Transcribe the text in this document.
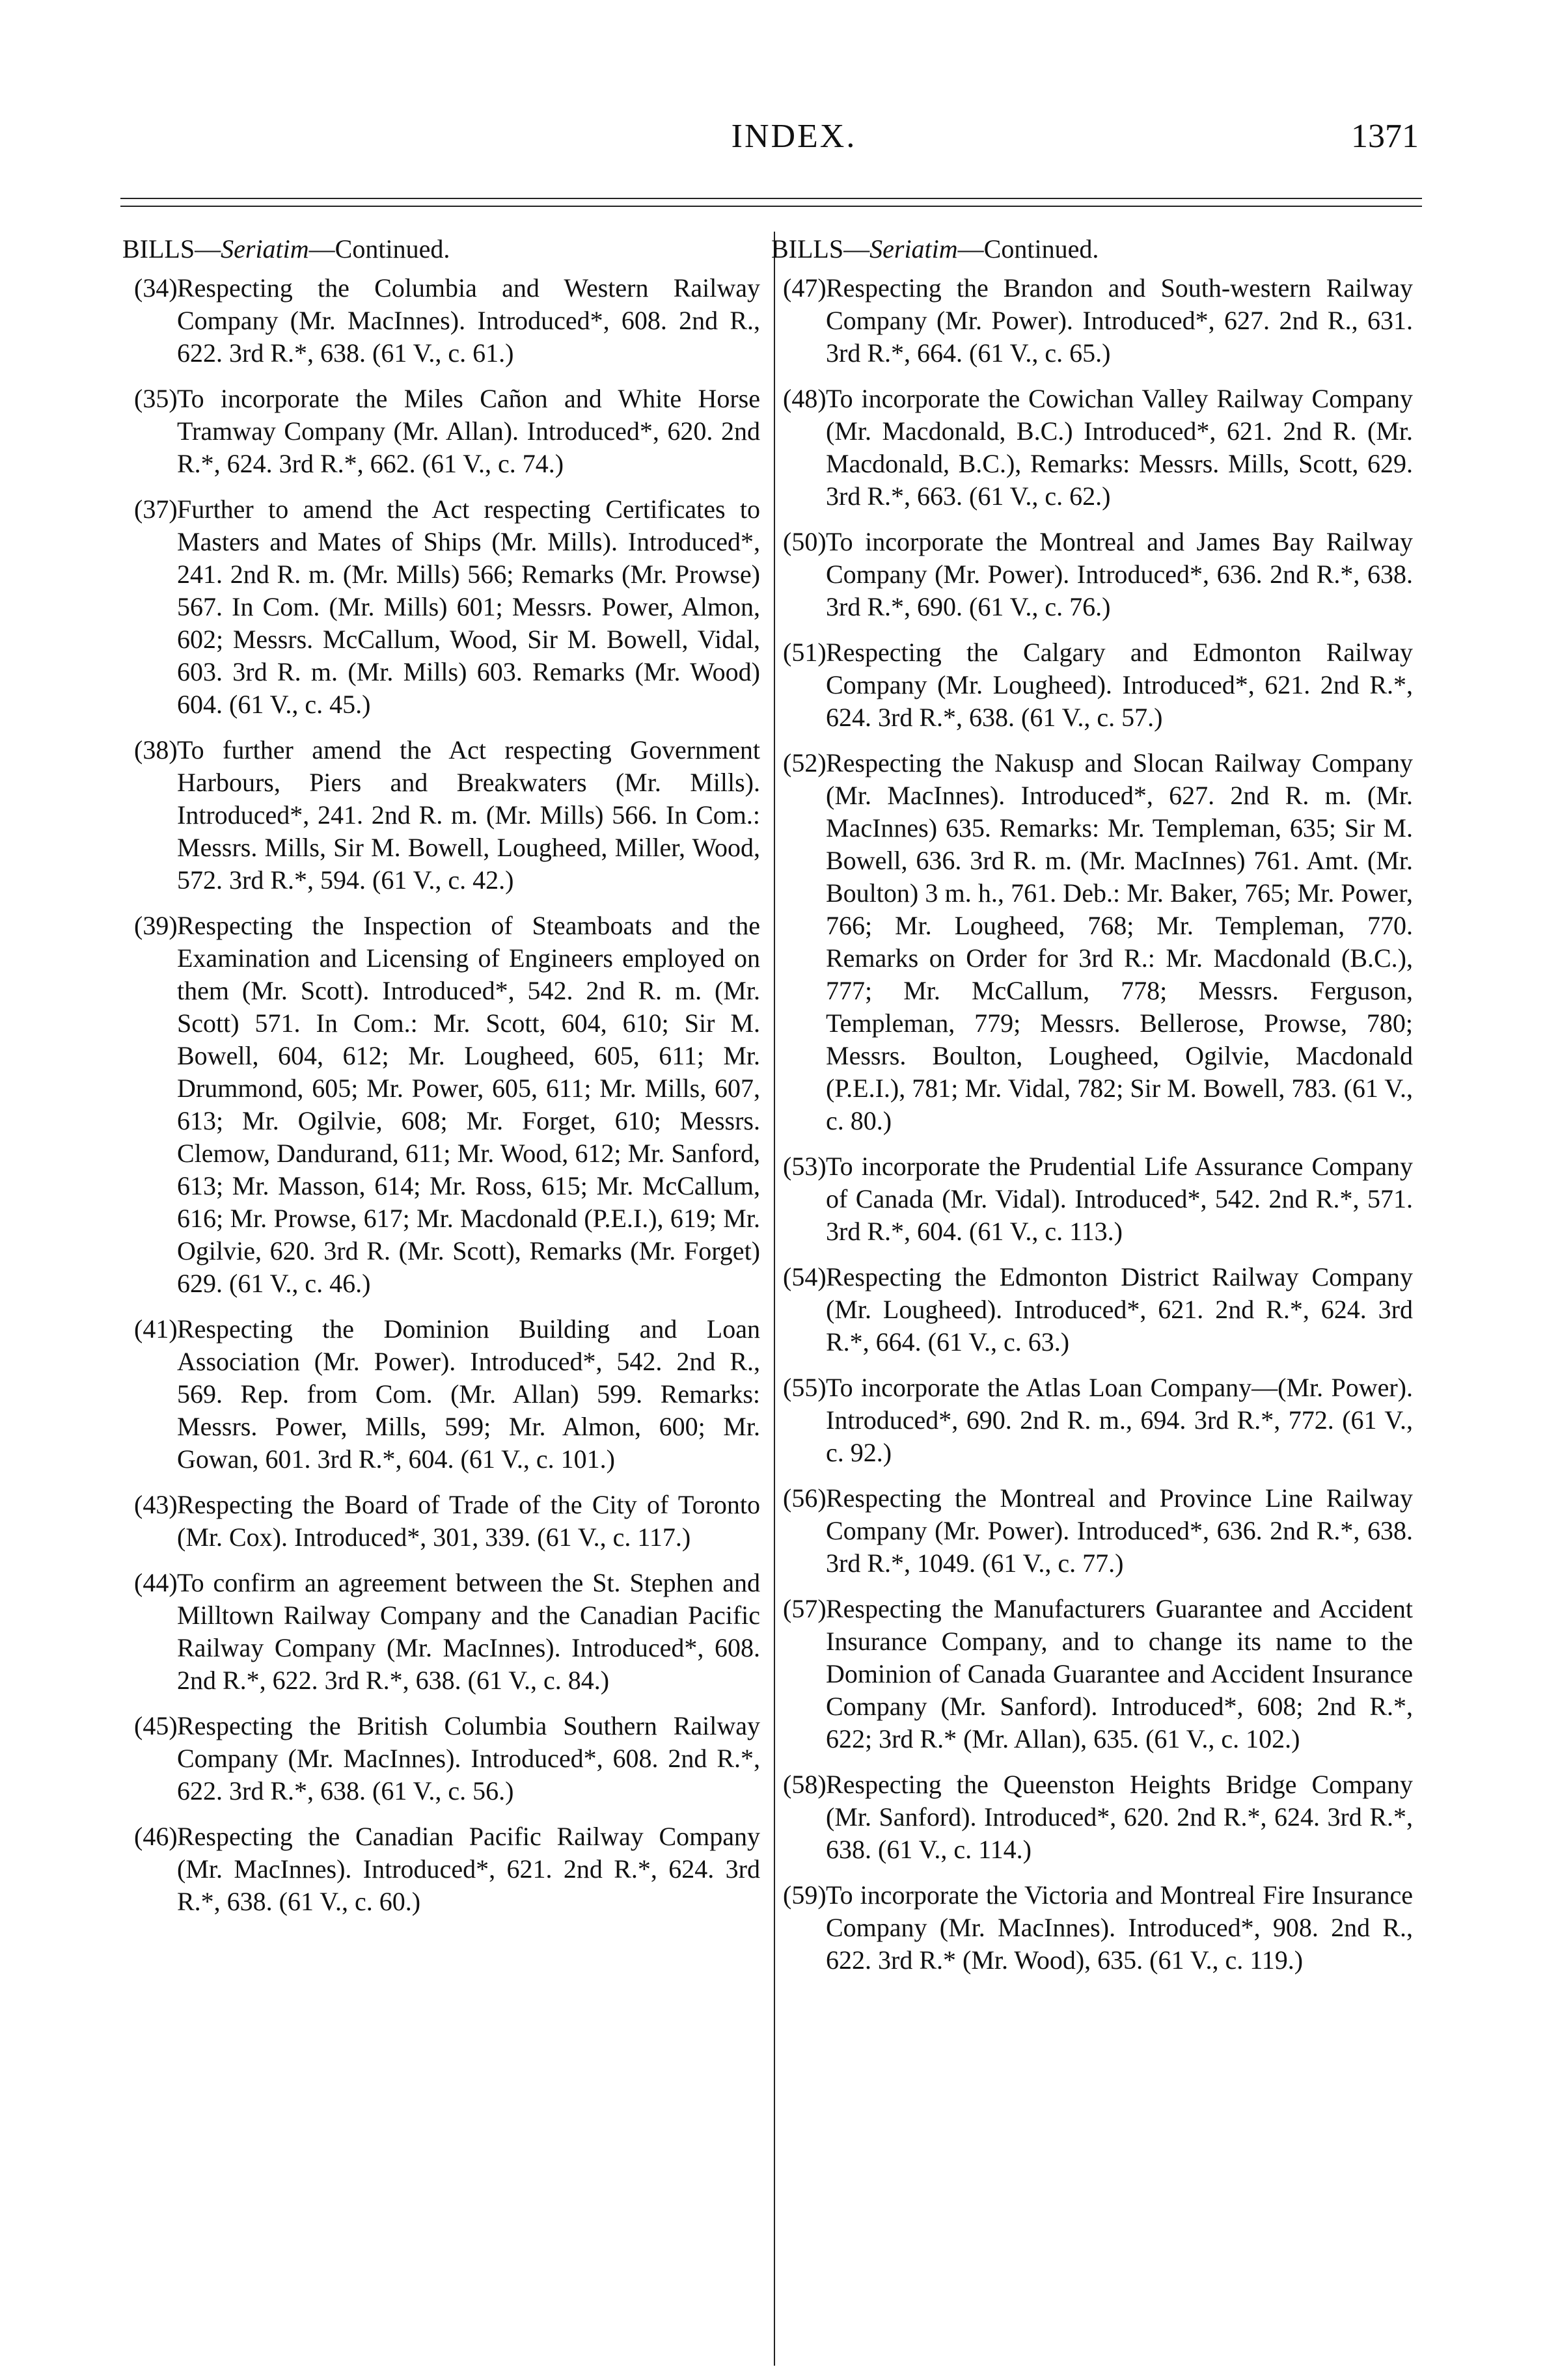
INDEX.	1371
BILLS—Seriatim—Continued.
(34) Respecting the Columbia and Western Railway Company (Mr. MacInnes). Introduced*, 608. 2nd R., 622. 3rd R.*, 638. (61 V., c. 61.)
(35) To incorporate the Miles Cañon and White Horse Tramway Company (Mr. Allan). Introduced*, 620. 2nd R.*, 624. 3rd R.*, 662. (61 V., c. 74.)
(37) Further to amend the Act respecting Certificates to Masters and Mates of Ships (Mr. Mills). Introduced*, 241. 2nd R. m. (Mr. Mills) 566; Remarks (Mr. Prowse) 567. In Com. (Mr. Mills) 601; Messrs. Power, Almon, 602; Messrs. McCallum, Wood, Sir M. Bowell, Vidal, 603. 3rd R. m. (Mr. Mills) 603. Remarks (Mr. Wood) 604. (61 V., c. 45.)
(38) To further amend the Act respecting Government Harbours, Piers and Breakwaters (Mr. Mills). Introduced*, 241. 2nd R. m. (Mr. Mills) 566. In Com.: Messrs. Mills, Sir M. Bowell, Lougheed, Miller, Wood, 572. 3rd R.*, 594. (61 V., c. 42.)
(39) Respecting the Inspection of Steamboats and the Examination and Licensing of Engineers employed on them (Mr. Scott). Introduced*, 542. 2nd R. m. (Mr. Scott) 571. In Com.: Mr. Scott, 604, 610; Sir M. Bowell, 604, 612; Mr. Lougheed, 605, 611; Mr. Drummond, 605; Mr. Power, 605, 611; Mr. Mills, 607, 613; Mr. Ogilvie, 608; Mr. Forget, 610; Messrs. Clemow, Dandurand, 611; Mr. Wood, 612; Mr. Sanford, 613; Mr. Masson, 614; Mr. Ross, 615; Mr. McCallum, 616; Mr. Prowse, 617; Mr. Macdonald (P.E.I.), 619; Mr. Ogilvie, 620. 3rd R. (Mr. Scott), Remarks (Mr. Forget) 629. (61 V., c. 46.)
(41) Respecting the Dominion Building and Loan Association (Mr. Power). Introduced*, 542. 2nd R., 569. Rep. from Com. (Mr. Allan) 599. Remarks: Messrs. Power, Mills, 599; Mr. Almon, 600; Mr. Gowan, 601. 3rd R.*, 604. (61 V., c. 101.)
(43) Respecting the Board of Trade of the City of Toronto (Mr. Cox). Introduced*, 301, 339. (61 V., c. 117.)
(44) To confirm an agreement between the St. Stephen and Milltown Railway Company and the Canadian Pacific Railway Company (Mr. MacInnes). Introduced*, 608. 2nd R.*, 622. 3rd R.*, 638. (61 V., c. 84.)
(45) Respecting the British Columbia Southern Railway Company (Mr. MacInnes). Introduced*, 608. 2nd R.*, 622. 3rd R.*, 638. (61 V., c. 56.)
(46) Respecting the Canadian Pacific Railway Company (Mr. MacInnes). Introduced*, 621. 2nd R.*, 624. 3rd R.*, 638. (61 V., c. 60.)
BILLS—Seriatim—Continued.
(47) Respecting the Brandon and South-western Railway Company (Mr. Power). Introduced*, 627. 2nd R., 631. 3rd R.*, 664. (61 V., c. 65.)
(48) To incorporate the Cowichan Valley Railway Company (Mr. Macdonald, B.C.) Introduced*, 621. 2nd R. (Mr. Macdonald, B.C.), Remarks: Messrs. Mills, Scott, 629. 3rd R.*, 663. (61 V., c. 62.)
(50) To incorporate the Montreal and James Bay Railway Company (Mr. Power). Introduced*, 636. 2nd R.*, 638. 3rd R.*, 690. (61 V., c. 76.)
(51) Respecting the Calgary and Edmonton Railway Company (Mr. Lougheed). Introduced*, 621. 2nd R.*, 624. 3rd R.*, 638. (61 V., c. 57.)
(52) Respecting the Nakusp and Slocan Railway Company (Mr. MacInnes). Introduced*, 627. 2nd R. m. (Mr. MacInnes) 635. Remarks: Mr. Templeman, 635; Sir M. Bowell, 636. 3rd R. m. (Mr. MacInnes) 761. Amt. (Mr. Boulton) 3 m. h., 761. Deb.: Mr. Baker, 765; Mr. Power, 766; Mr. Lougheed, 768; Mr. Templeman, 770. Remarks on Order for 3rd R.: Mr. Macdonald (B.C.), 777; Mr. McCallum, 778; Messrs. Ferguson, Templeman, 779; Messrs. Bellerose, Prowse, 780; Messrs. Boulton, Lougheed, Ogilvie, Macdonald (P.E.I.), 781; Mr. Vidal, 782; Sir M. Bowell, 783. (61 V., c. 80.)
(53) To incorporate the Prudential Life Assurance Company of Canada (Mr. Vidal). Introduced*, 542. 2nd R.*, 571. 3rd R.*, 604. (61 V., c. 113.)
(54) Respecting the Edmonton District Railway Company (Mr. Lougheed). Introduced*, 621. 2nd R.*, 624. 3rd R.*, 664. (61 V., c. 63.)
(55) To incorporate the Atlas Loan Company—(Mr. Power). Introduced*, 690. 2nd R. m., 694. 3rd R.*, 772. (61 V., c. 92.)
(56) Respecting the Montreal and Province Line Railway Company (Mr. Power). Introduced*, 636. 2nd R.*, 638. 3rd R.*, 1049. (61 V., c. 77.)
(57) Respecting the Manufacturers Guarantee and Accident Insurance Company, and to change its name to the Dominion of Canada Guarantee and Accident Insurance Company (Mr. Sanford). Introduced*, 608; 2nd R.*, 622; 3rd R.* (Mr. Allan), 635. (61 V., c. 102.)
(58) Respecting the Queenston Heights Bridge Company (Mr. Sanford). Introduced*, 620. 2nd R.*, 624. 3rd R.*, 638. (61 V., c. 114.)
(59) To incorporate the Victoria and Montreal Fire Insurance Company (Mr. MacInnes). Introduced*, 908. 2nd R., 622. 3rd R.* (Mr. Wood), 635. (61 V., c. 119.)
